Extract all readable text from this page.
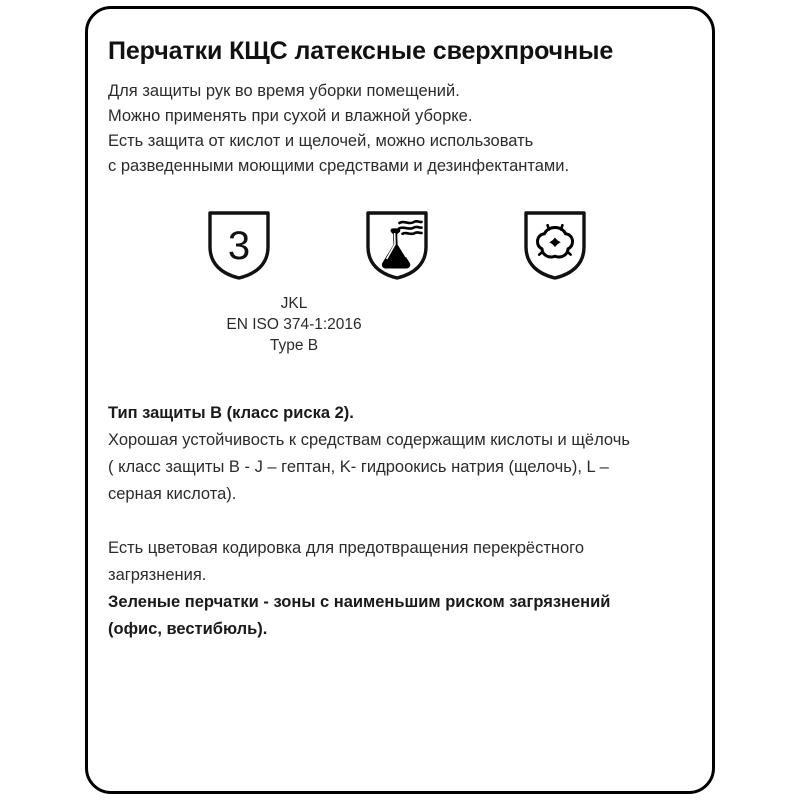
Перчатки КЩС латексные сверхпрочные
Для защиты рук во время уборки помещений.
Можно применять при сухой и влажной уборке.
Есть защита от кислот и щелочей, можно использовать
с разведенными моющими средствами и дезинфектантами.
3
JKL
EN ISO 374-1:2016
Type B
Тип защиты B (класс риска 2).
Хорошая устойчивость к средствам содержащим кислоты и щёлочь
( класс защиты B - J – гептан, K- гидроокись натрия (щелочь), L –
серная кислота).
Есть цветовая кодировка для предотвращения перекрёстного
загрязнения.
Зеленые перчатки - зоны с наименьшим риском загрязнений
(офис, вестибюль).
